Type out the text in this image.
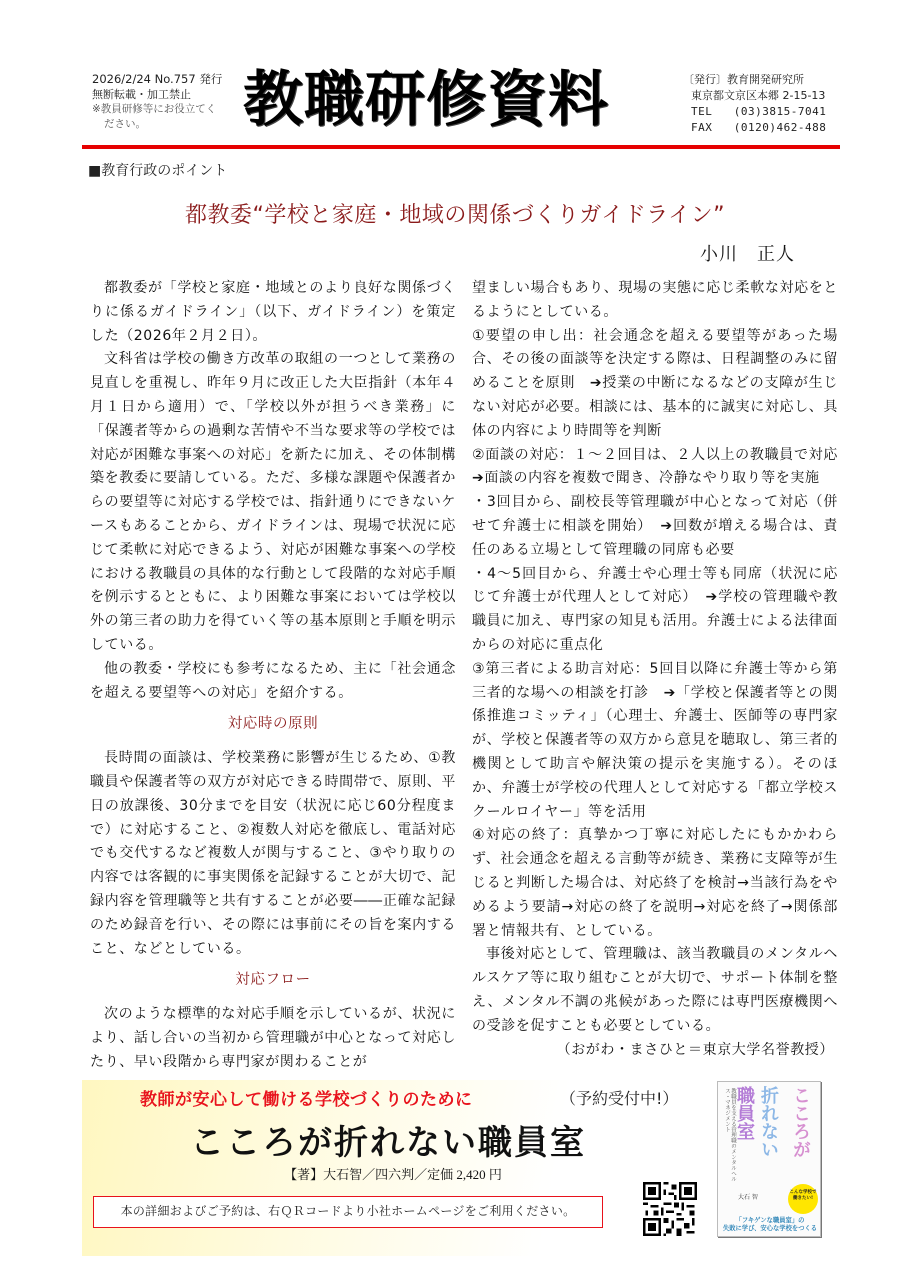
2026/2/24 No.757 発行
無断転載・加工禁止
※教員研修等にお役立てく
ださい。	教職研修資料	〔発行〕教育開発研究所
東京都文京区本郷 2-15-13
TEL (03)3815-7041
FAX (0120)462-488
■教育行政のポイント
都教委“学校と家庭・地域の関係づくりガイドライン”
小川　正人

都教委が「学校と家庭・地域とのより良好な関係づくりに係るガイドライン」（以下、ガイドライン）を策定した（2026年２月２日）。

文科省は学校の働き方改革の取組の一つとして業務の見直しを重視し、昨年９月に改正した大臣指針（本年４月１日から適用）で、「学校以外が担うべき業務」に「保護者等からの過剰な苦情や不当な要求等の学校では対応が困難な事案への対応」を新たに加え、その体制構築を教委に要請している。ただ、多様な課題や保護者からの要望等に対応する学校では、指針通りにできないケースもあることから、ガイドラインは、現場で状況に応じて柔軟に対応できるよう、対応が困難な事案への学校における教職員の具体的な行動として段階的な対応手順を例示するとともに、より困難な事案においては学校以外の第三者の助力を得ていく等の基本原則と手順を明示している。

他の教委・学校にも参考になるため、主に「社会通念を超える要望等への対応」を紹介する。

対応時の原則

長時間の面談は、学校業務に影響が生じるため、①教職員や保護者等の双方が対応できる時間帯で、原則、平日の放課後、30分までを目安（状況に応じ60分程度まで）に対応すること、②複数人対応を徹底し、電話対応でも交代するなど複数人が関与すること、③やり取りの内容では客観的に事実関係を記録することが大切で、記録内容を管理職等と共有することが必要――正確な記録のため録音を行い、その際には事前にその旨を案内すること、などとしている。

対応フロー

次のような標準的な対応手順を示しているが、状況により、話し合いの当初から管理職が中心となって対応したり、早い段階から専門家が関わることが

望ましい場合もあり、現場の実態に応じ柔軟な対応をとるようにとしている。

①要望の申し出：社会通念を超える要望等があった場合、その後の面談等を決定する際は、日程調整のみに留めることを原則　➔授業の中断になるなどの支障が生じない対応が必要。相談には、基本的に誠実に対応し、具体の内容により時間等を判断

②面談の対応：１～２回目は、２人以上の教職員で対応　➔面談の内容を複数で聞き、冷静なやり取り等を実施

・3回目から、副校長等管理職が中心となって対応（併せて弁護士に相談を開始）　➔回数が増える場合は、責任のある立場として管理職の同席も必要

・4～5回目から、弁護士や心理士等も同席（状況に応じて弁護士が代理人として対応）　➔学校の管理職や教職員に加え、専門家の知見も活用。弁護士による法律面からの対応に重点化

③第三者による助言対応：5回目以降に弁護士等から第三者的な場への相談を打診　➔「学校と保護者等との関係推進コミッティ」（心理士、弁護士、医師等の専門家が、学校と保護者等の双方から意見を聴取し、第三者的機関として助言や解決策の提示を実施する）。そのほか、弁護士が学校の代理人として対応する「都立学校スクールロイヤー」等を活用

④対応の終了：真摯かつ丁寧に対応したにもかかわらず、社会通念を超える言動等が続き、業務に支障等が生じると判断した場合は、対応終了を検討→当該行為をやめるよう要請→対応の終了を説明→対応を終了→関係部署と情報共有、としている。

事後対応として、管理職は、該当教職員のメンタルヘルスケア等に取り組むことが大切で、サポート体制を整え、メンタル不調の兆候があった際には専門医療機関への受診を促すことも必要としている。

（おがわ・まさひと＝東京大学名誉教授）

教師が安心して働ける学校づくりのために	（予約受付中!）
こころが折れない職員室
【著】大石智／四六判／定価 2,420 円
本の詳細およびご予約は、右ＱＲコードより小社ホームページをご利用ください。
教職員を支える管理職のメンタルヘルス・マネジメント 職員室 折れない こころが
大石 智
こんな学校で
働きたい!
「フキゲンな職員室」の
失敗に学び、安心な学校をつくる
